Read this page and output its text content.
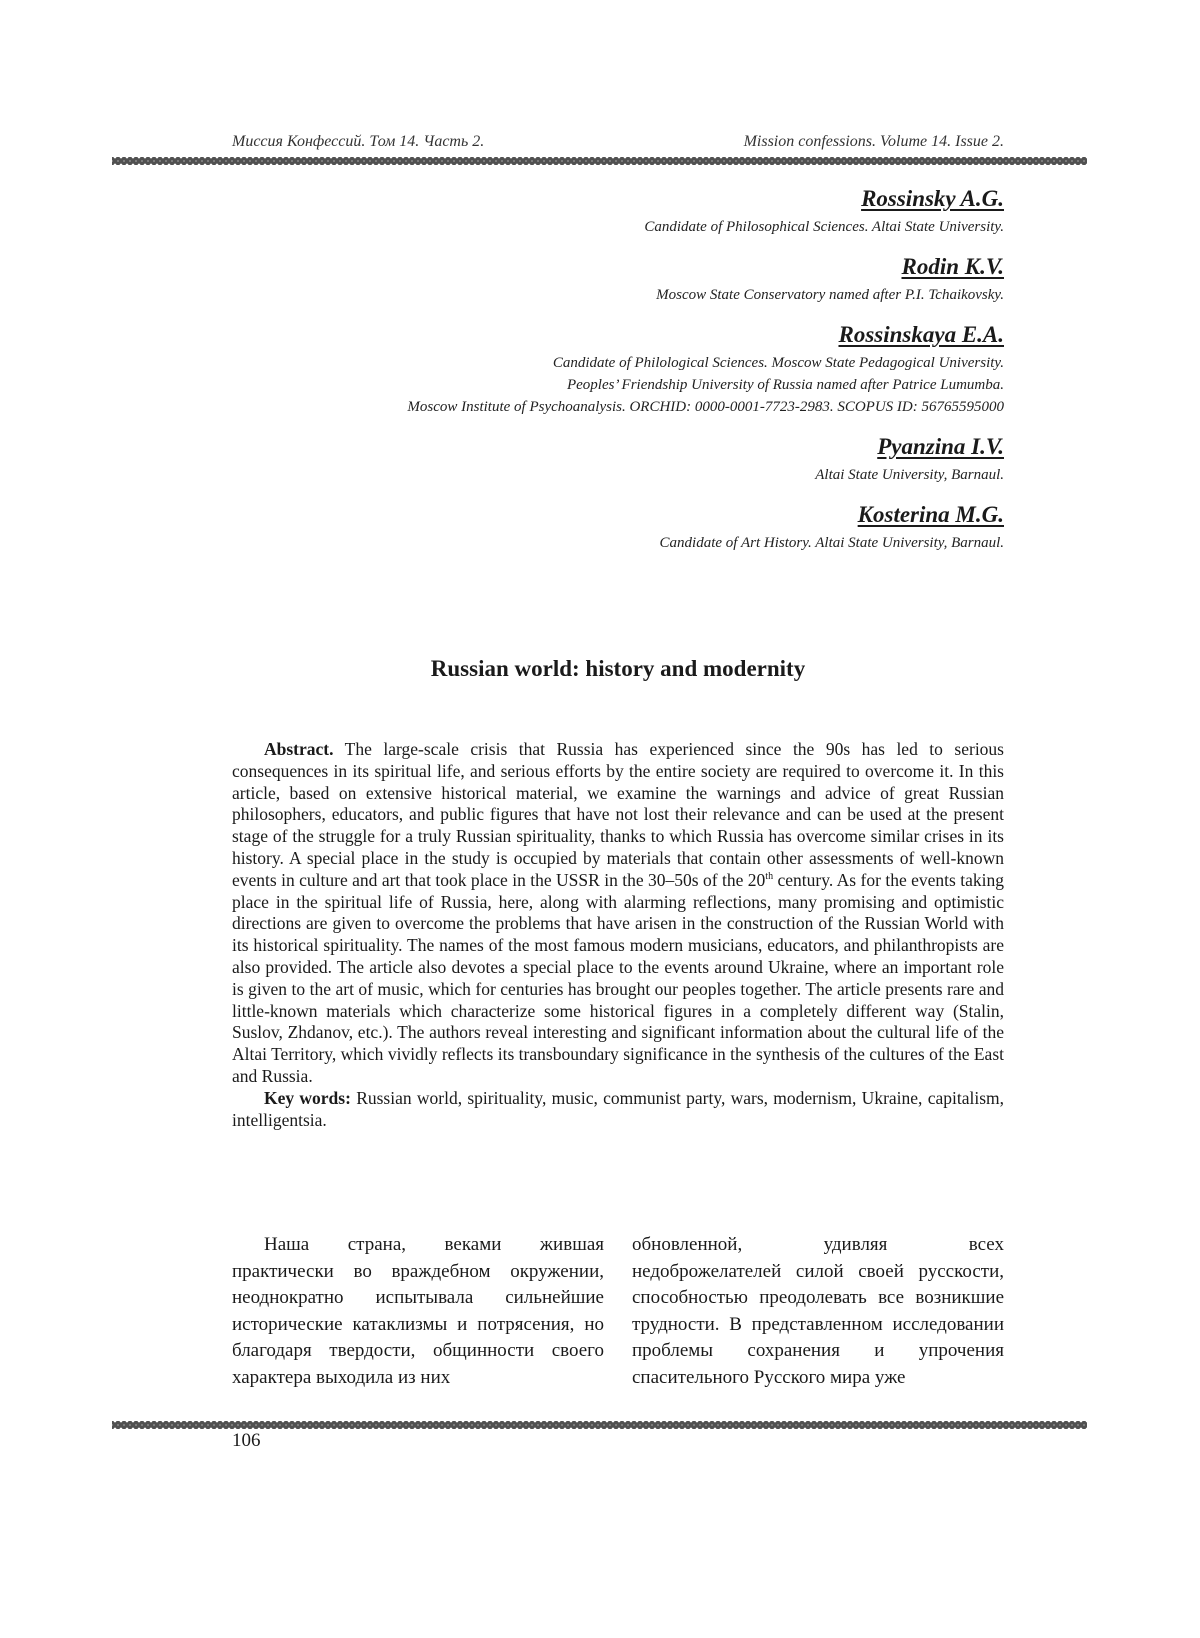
Миссия Конфессий. Том 14. Часть 2.	Mission confessions. Volume 14. Issue 2.
Rossinsky A.G.
Candidate of Philosophical Sciences. Altai State University.
Rodin K.V.
Moscow State Conservatory named after P.I. Tchaikovsky.
Rossinskaya E.A.
Candidate of Philological Sciences. Moscow State Pedagogical University.
Peoples’ Friendship University of Russia named after Patrice Lumumba.
Moscow Institute of Psychoanalysis. ORCHID: 0000-0001-7723-2983. SCOPUS ID: 56765595000
Pyanzina I.V.
Altai State University, Barnaul.
Kosterina M.G.
Candidate of Art History. Altai State University, Barnaul.
Russian world: history and modernity

Abstract. The large-scale crisis that Russia has experienced since the 90s has led to serious consequences in its spiritual life, and serious efforts by the entire society are required to overcome it. In this article, based on extensive historical material, we examine the warnings and advice of great Russian philosophers, educators, and public figures that have not lost their relevance and can be used at the present stage of the struggle for a truly Russian spirituality, thanks to which Russia has overcome similar crises in its history. A special place in the study is occupied by materials that contain other assessments of well-known events in culture and art that took place in the USSR in the 30–50s of the 20th century. As for the events taking place in the spiritual life of Russia, here, along with alarming reflections, many promising and optimistic directions are given to overcome the problems that have arisen in the construction of the Russian World with its historical spirituality. The names of the most famous modern musicians, educators, and philanthropists are also provided. The article also devotes a special place to the events around Ukraine, where an important role is given to the art of music, which for centuries has brought our peoples together. The article presents rare and little-known materials which characterize some historical figures in a completely different way (Stalin, Suslov, Zhdanov, etc.). The authors reveal interesting and significant information about the cultural life of the Altai Territory, which vividly reflects its transboundary significance in the synthesis of the cultures of the East and Russia.

Key words: Russian world, spirituality, music, communist party, wars, modernism, Ukraine, capitalism, intelligentsia.

Наша страна, веками жившая практически во враждебном окружении, неоднократно испытывала сильнейшие исторические катаклизмы и потрясения, но благодаря твердости, общинности своего характера выходила из них
обновленной, удивляя всех недоброжелателей силой своей русскости, способностью преодолевать все возникшие трудности. В представленном исследовании проблемы сохранения и упрочения спасительного Русского мира уже
106
